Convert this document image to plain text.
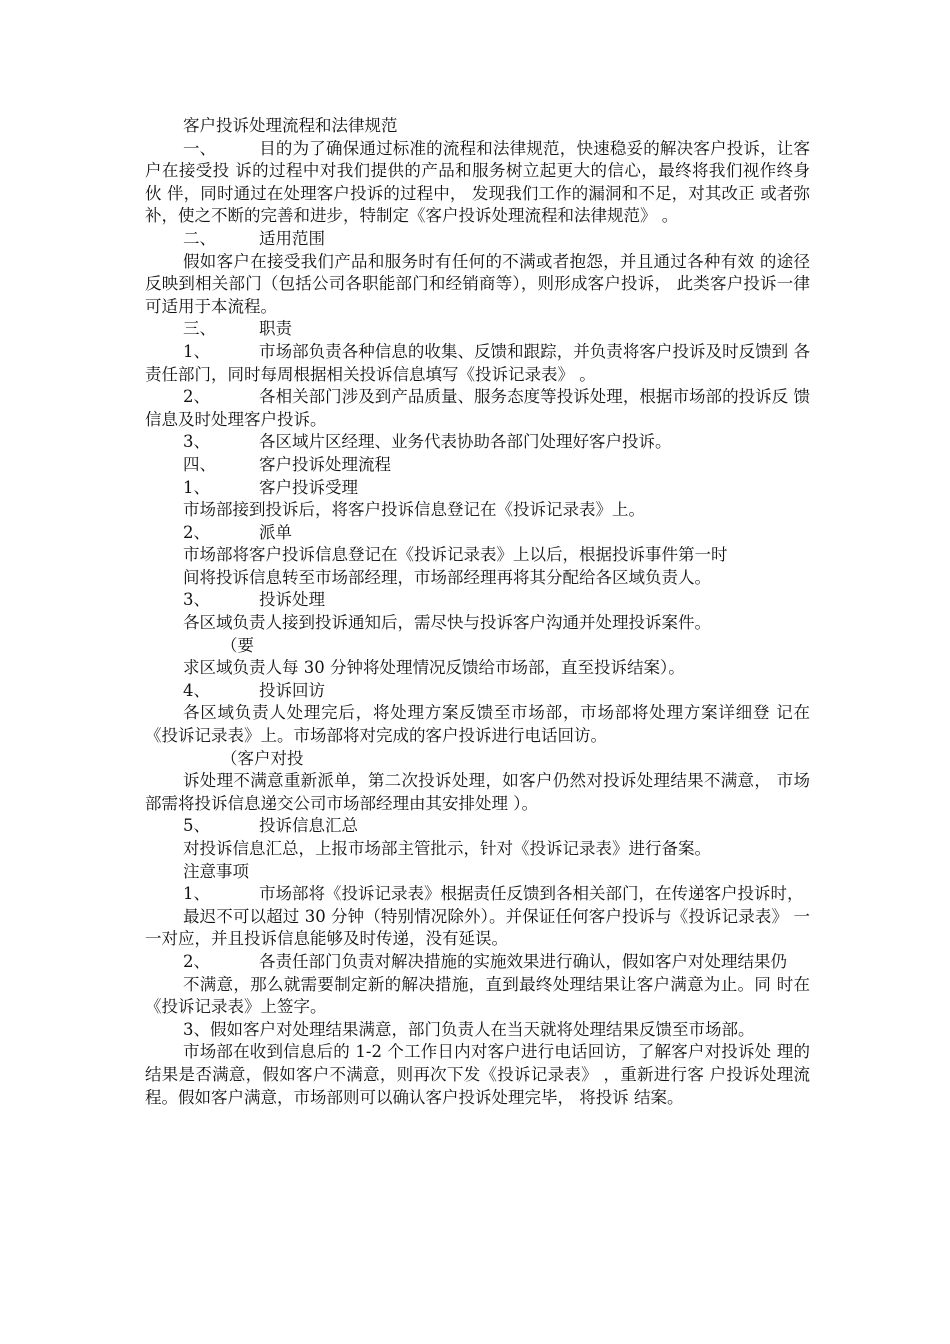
客户投诉处理流程和法律规范

一、	目的为了确保通过标准的流程和法律规范，快速稳妥的解决客户投诉，让客户在接受投 诉的过程中对我们提供的产品和服务树立起更大的信心，最终将我们视作终身伙 伴，同时通过在处理客户投诉的过程中， 发现我们工作的漏洞和不足，对其改正 或者弥补，使之不断的完善和进步，特制定《客户投诉处理流程和法律规范》 。

二、	适用范围

假如客户在接受我们产品和服务时有任何的不满或者抱怨，并且通过各种有效 的途径反映到相关部门（包括公司各职能部门和经销商等），则形成客户投诉， 此类客户投诉一律可适用于本流程。

三、	职责

1、	市场部负责各种信息的收集、反馈和跟踪，并负责将客户投诉及时反馈到 各责任部门，同时每周根据相关投诉信息填写《投诉记录表》 。

2、	各相关部门涉及到产品质量、服务态度等投诉处理，根据市场部的投诉反 馈信息及时处理客户投诉。

3、	各区域片区经理、业务代表协助各部门处理好客户投诉。

四、	客户投诉处理流程

1、	客户投诉受理

市场部接到投诉后，将客户投诉信息登记在《投诉记录表》上。

2、	派单

市场部将客户投诉信息登记在《投诉记录表》上以后，根据投诉事件第一时

间将投诉信息转至市场部经理，市场部经理再将其分配给各区域负责人。

3、	投诉处理

各区域负责人接到投诉通知后，需尽快与投诉客户沟通并处理投诉案件。

（要

求区域负责人每 30 分钟将处理情况反馈给市场部，直至投诉结案）。

4、	投诉回访

各区域负责人处理完后，将处理方案反馈至市场部，市场部将处理方案详细登 记在《投诉记录表》上。市场部将对完成的客户投诉进行电话回访。

（客户对投

诉处理不满意重新派单，第二次投诉处理，如客户仍然对投诉处理结果不满意， 市场部需将投诉信息递交公司市场部经理由其安排处理 ）。

5、	投诉信息汇总

对投诉信息汇总，上报市场部主管批示，针对《投诉记录表》进行备案。

注意事项

1、	市场部将《投诉记录表》根据责任反馈到各相关部门，在传递客户投诉时，

最迟不可以超过 30 分钟（特别情况除外）。并保证任何客户投诉与《投诉记录表》 一一对应，并且投诉信息能够及时传递，没有延误。

2、	各责任部门负责对解决措施的实施效果进行确认，假如客户对处理结果仍

不满意，那么就需要制定新的解决措施，直到最终处理结果让客户满意为止。同 时在《投诉记录表》上签字。

3、假如客户对处理结果满意，部门负责人在当天就将处理结果反馈至市场部。

市场部在收到信息后的 1-2 个工作日内对客户进行电话回访，了解客户对投诉处 理的结果是否满意，假如客户不满意，则再次下发《投诉记录表》 ，重新进行客 户投诉处理流程。假如客户满意，市场部则可以确认客户投诉处理完毕， 将投诉 结案。
